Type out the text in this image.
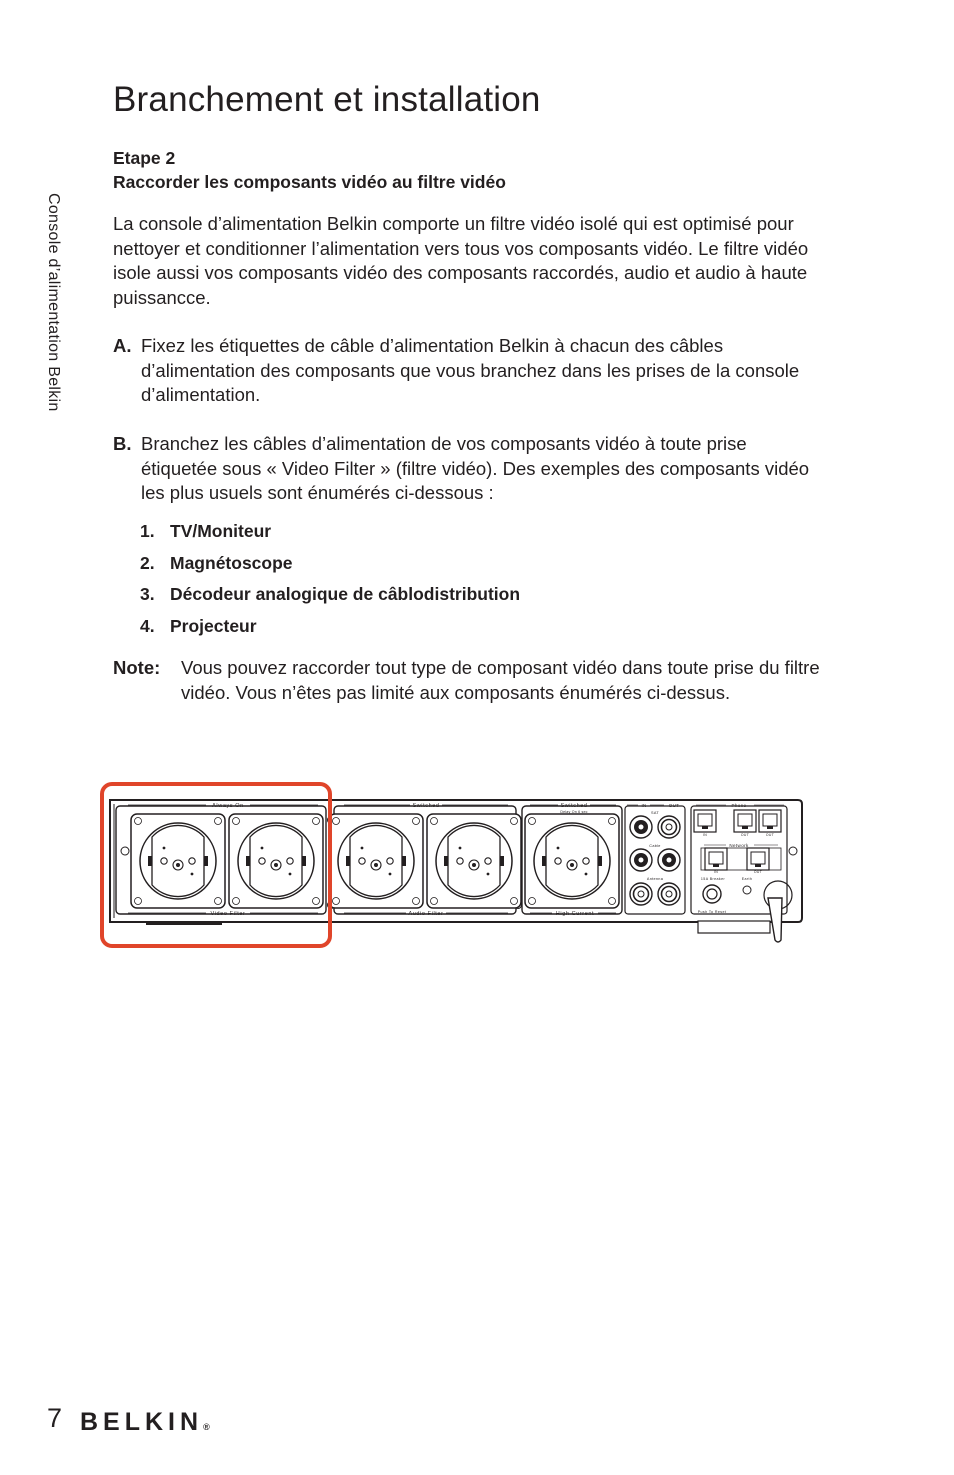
Console d’alimentation Belkin
Branchement et installation
Etape 2
Raccorder les composants vidéo au filtre vidéo
La console d’alimentation Belkin comporte un filtre vidéo isolé qui est optimisé pour nettoyer et conditionner l’alimentation vers tous vos composants vidéo. Le filtre vidéo isole aussi vos composants vidéo des composants raccordés, audio et audio à haute puissancce.
A. Fixez les étiquettes de câble d’alimentation Belkin à chacun des câbles d’alimentation des composants que vous branchez dans les prises de la console d’alimentation.
B. Branchez les câbles d’alimentation de vos composants vidéo à toute prise étiquetée sous « Video Filter » (filtre vidéo). Des exemples des composants vidéo les plus usuels sont énumérés ci-dessous :
1. TV/Moniteur
2. Magnétoscope
3. Décodeur analogique de câblodistribution
4. Projecteur
Note: Vous pouvez raccorder tout type de composant vidéo dans toute prise du filtre vidéo. Vous n’êtes pas limité aux composants énumérés ci-dessus.
Always On	Switched	Switched
Delay On 6 sec
Video Filter	Audio Filter	High Current
IN	OUT
SAT
Cable
Antenna
Phone
Network
IN	OUT	OUT
IN	OUT
15A Breaker	Earth
Push To Reset
7 BELKIN®
